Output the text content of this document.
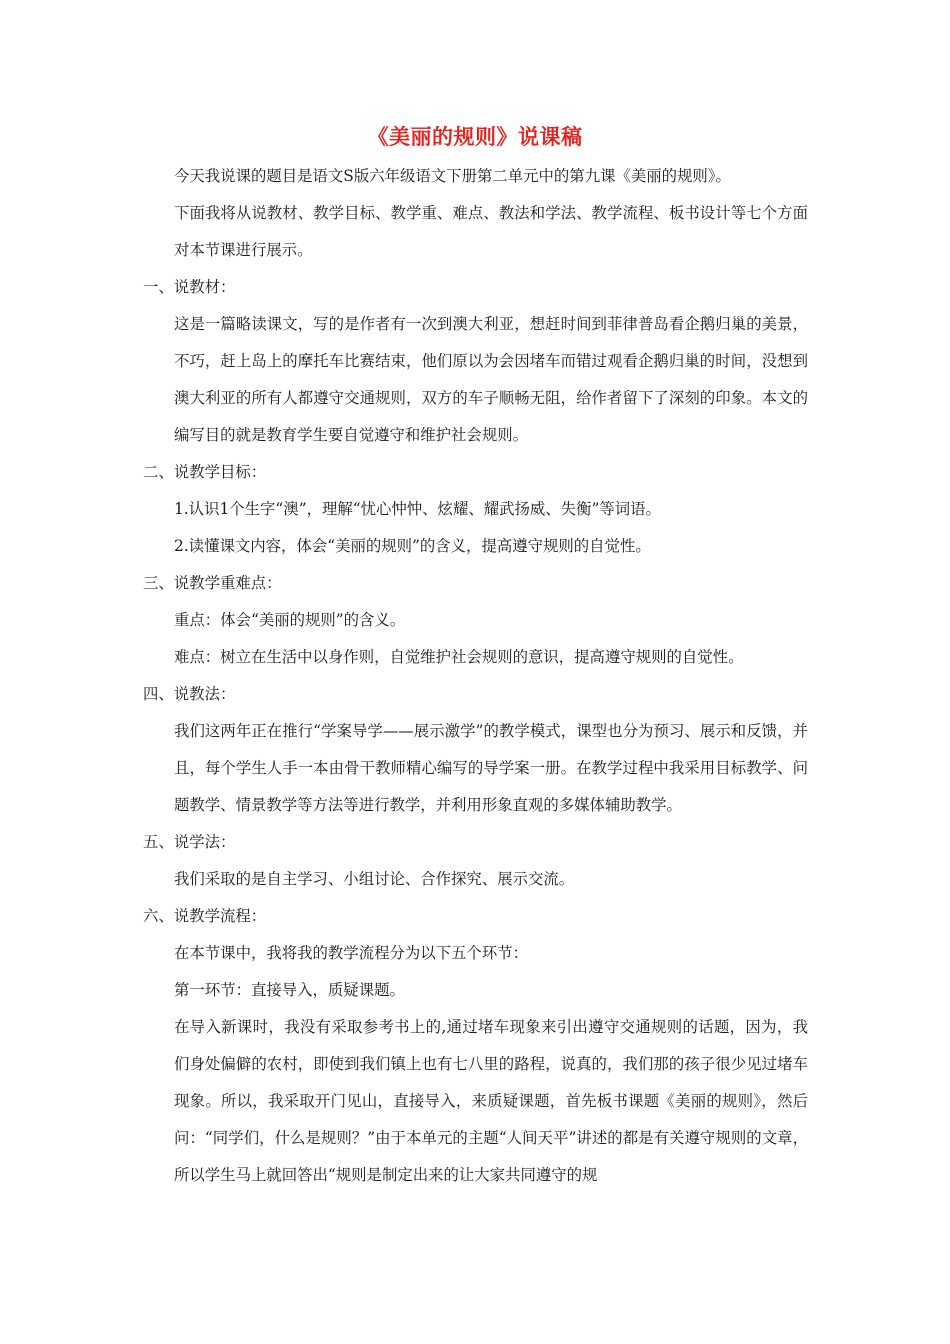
《美丽的规则》说课稿
今天我说课的题目是语文S版六年级语文下册第二单元中的第九课《美丽的规则》。
下面我将从说教材、教学目标、教学重、难点、教法和学法、教学流程、板书设计等七个方面对本节课进行展示。
一、说教材：
这是一篇略读课文，写的是作者有一次到澳大利亚，想赶时间到菲律普岛看企鹅归巢的美景，不巧，赶上岛上的摩托车比赛结束，他们原以为会因堵车而错过观看企鹅归巢的时间，没想到澳大利亚的所有人都遵守交通规则，双方的车子顺畅无阻，给作者留下了深刻的印象。本文的编写目的就是教育学生要自觉遵守和维护社会规则。
二、说教学目标：
1.认识1个生字“澳”，理解“忧心忡忡、炫耀、耀武扬威、失衡”等词语。
2.读懂课文内容，体会“美丽的规则”的含义，提高遵守规则的自觉性。
三、说教学重难点：
重点：体会“美丽的规则”的含义。
难点：树立在生活中以身作则，自觉维护社会规则的意识，提高遵守规则的自觉性。
四、说教法：
我们这两年正在推行“学案导学——展示激学”的教学模式，课型也分为预习、展示和反馈，并且，每个学生人手一本由骨干教师精心编写的导学案一册。在教学过程中我采用目标教学、问题教学、情景教学等方法等进行教学，并利用形象直观的多媒体辅助教学。
五、说学法：
我们采取的是自主学习、小组讨论、合作探究、展示交流。
六、说教学流程：
在本节课中，我将我的教学流程分为以下五个环节：
第一环节：直接导入，质疑课题。
在导入新课时，我没有采取参考书上的,通过堵车现象来引出遵守交通规则的话题，因为，我们身处偏僻的农村，即使到我们镇上也有七八里的路程，说真的，我们那的孩子很少见过堵车现象。所以，我采取开门见山，直接导入，来质疑课题，首先板书课题《美丽的规则》，然后问：“同学们，什么是规则？”由于本单元的主题“人间天平”讲述的都是有关遵守规则的文章，所以学生马上就回答出“规则是制定出来的让大家共同遵守的规
